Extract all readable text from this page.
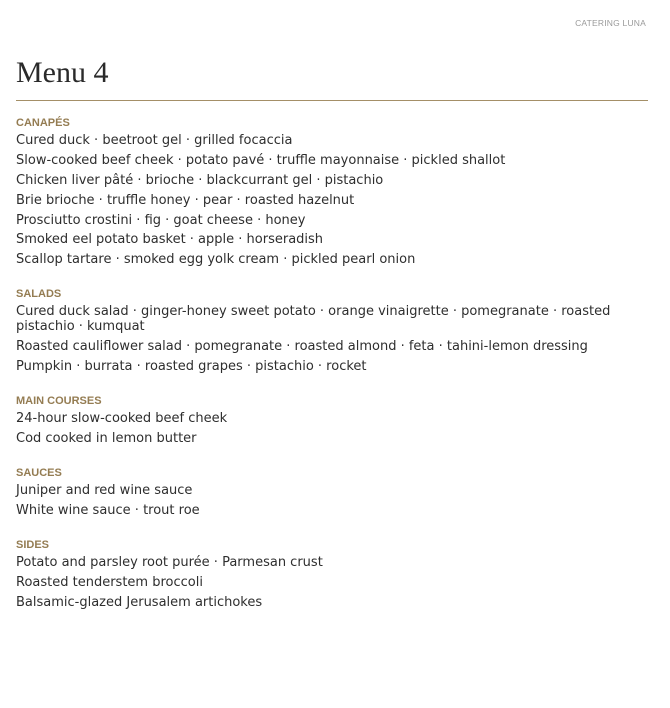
CATERING LUNA
Menu 4
CANAPÉS
Cured duck · beetroot gel · grilled focaccia
Slow-cooked beef cheek · potato pavé · truffle mayonnaise · pickled shallot
Chicken liver pâté · brioche · blackcurrant gel · pistachio
Brie brioche · truffle honey · pear · roasted hazelnut
Prosciutto crostini · fig · goat cheese · honey
Smoked eel potato basket · apple · horseradish
Scallop tartare · smoked egg yolk cream · pickled pearl onion
SALADS
Cured duck salad · ginger-honey sweet potato · orange vinaigrette · pomegranate · roasted pistachio · kumquat
Roasted cauliflower salad · pomegranate · roasted almond · feta · tahini-lemon dressing
Pumpkin · burrata · roasted grapes · pistachio · rocket
MAIN COURSES
24-hour slow-cooked beef cheek
Cod cooked in lemon butter
SAUCES
Juniper and red wine sauce
White wine sauce · trout roe
SIDES
Potato and parsley root purée · Parmesan crust
Roasted tenderstem broccoli
Balsamic-glazed Jerusalem artichokes
